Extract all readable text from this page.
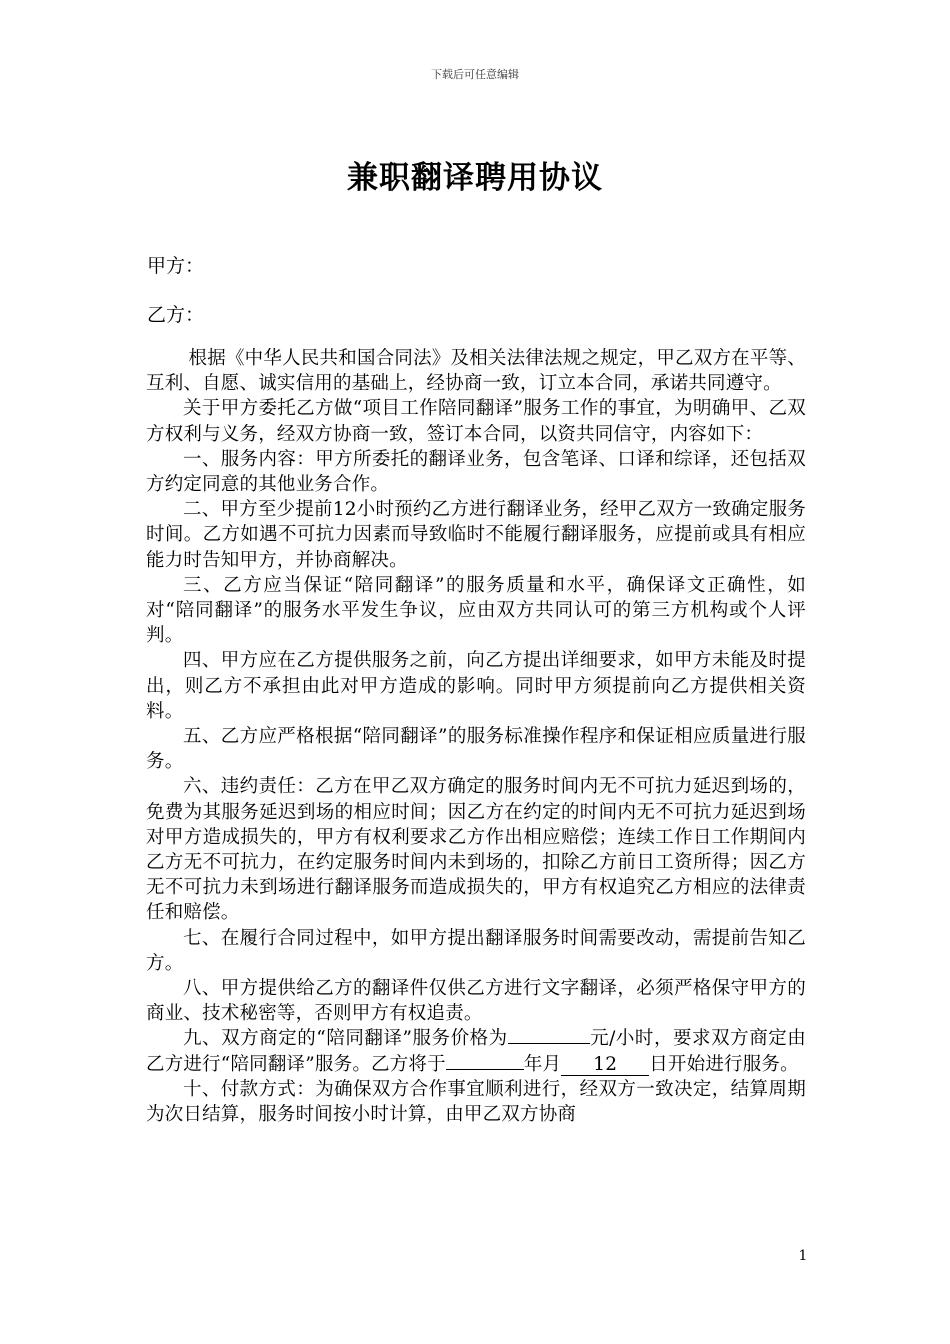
下载后可任意编辑
兼职翻译聘用协议
甲方：
乙方：

根据《中华人民共和国合同法》及相关法律法规之规定，甲乙双方在平等、互利、自愿、诚实信用的基础上，经协商一致，订立本合同，承诺共同遵守。

关于甲方委托乙方做“项目工作陪同翻译”服务工作的事宜，为明确甲、乙双方权利与义务，经双方协商一致，签订本合同，以资共同信守，内容如下：

一、服务内容：甲方所委托的翻译业务，包含笔译、口译和综译，还包括双方约定同意的其他业务合作。

二、甲方至少提前12小时预约乙方进行翻译业务，经甲乙双方一致确定服务时间。乙方如遇不可抗力因素而导致临时不能履行翻译服务，应提前或具有相应能力时告知甲方，并协商解决。

三、乙方应当保证“陪同翻译”的服务质量和水平，确保译文正确性，如对“陪同翻译”的服务水平发生争议，应由双方共同认可的第三方机构或个人评判。

四、甲方应在乙方提供服务之前，向乙方提出详细要求，如甲方未能及时提出，则乙方不承担由此对甲方造成的影响。同时甲方须提前向乙方提供相关资料。

五、乙方应严格根据“陪同翻译”的服务标准操作程序和保证相应质量进行服务。

六、违约责任：乙方在甲乙双方确定的服务时间内无不可抗力延迟到场的，免费为其服务延迟到场的相应时间；因乙方在约定的时间内无不可抗力延迟到场对甲方造成损失的，甲方有权利要求乙方作出相应赔偿；连续工作日工作期间内乙方无不可抗力，在约定服务时间内未到场的，扣除乙方前日工资所得；因乙方无不可抗力未到场进行翻译服务而造成损失的，甲方有权追究乙方相应的法律责任和赔偿。

七、在履行合同过程中，如甲方提出翻译服务时间需要改动，需提前告知乙方。

八、甲方提供给乙方的翻译件仅供乙方进行文字翻译，必须严格保守甲方的商业、技术秘密等，否则甲方有权追责。

九、双方商定的“陪同翻译”服务价格为	元/小时，要求双方商定由乙方进行“陪同翻译”服务。乙方将于	年月 12 日开始进行服务。

十、付款方式：为确保双方合作事宜顺利进行，经双方一致决定，结算周期为次日结算，服务时间按小时计算，由甲乙双方协商

1
